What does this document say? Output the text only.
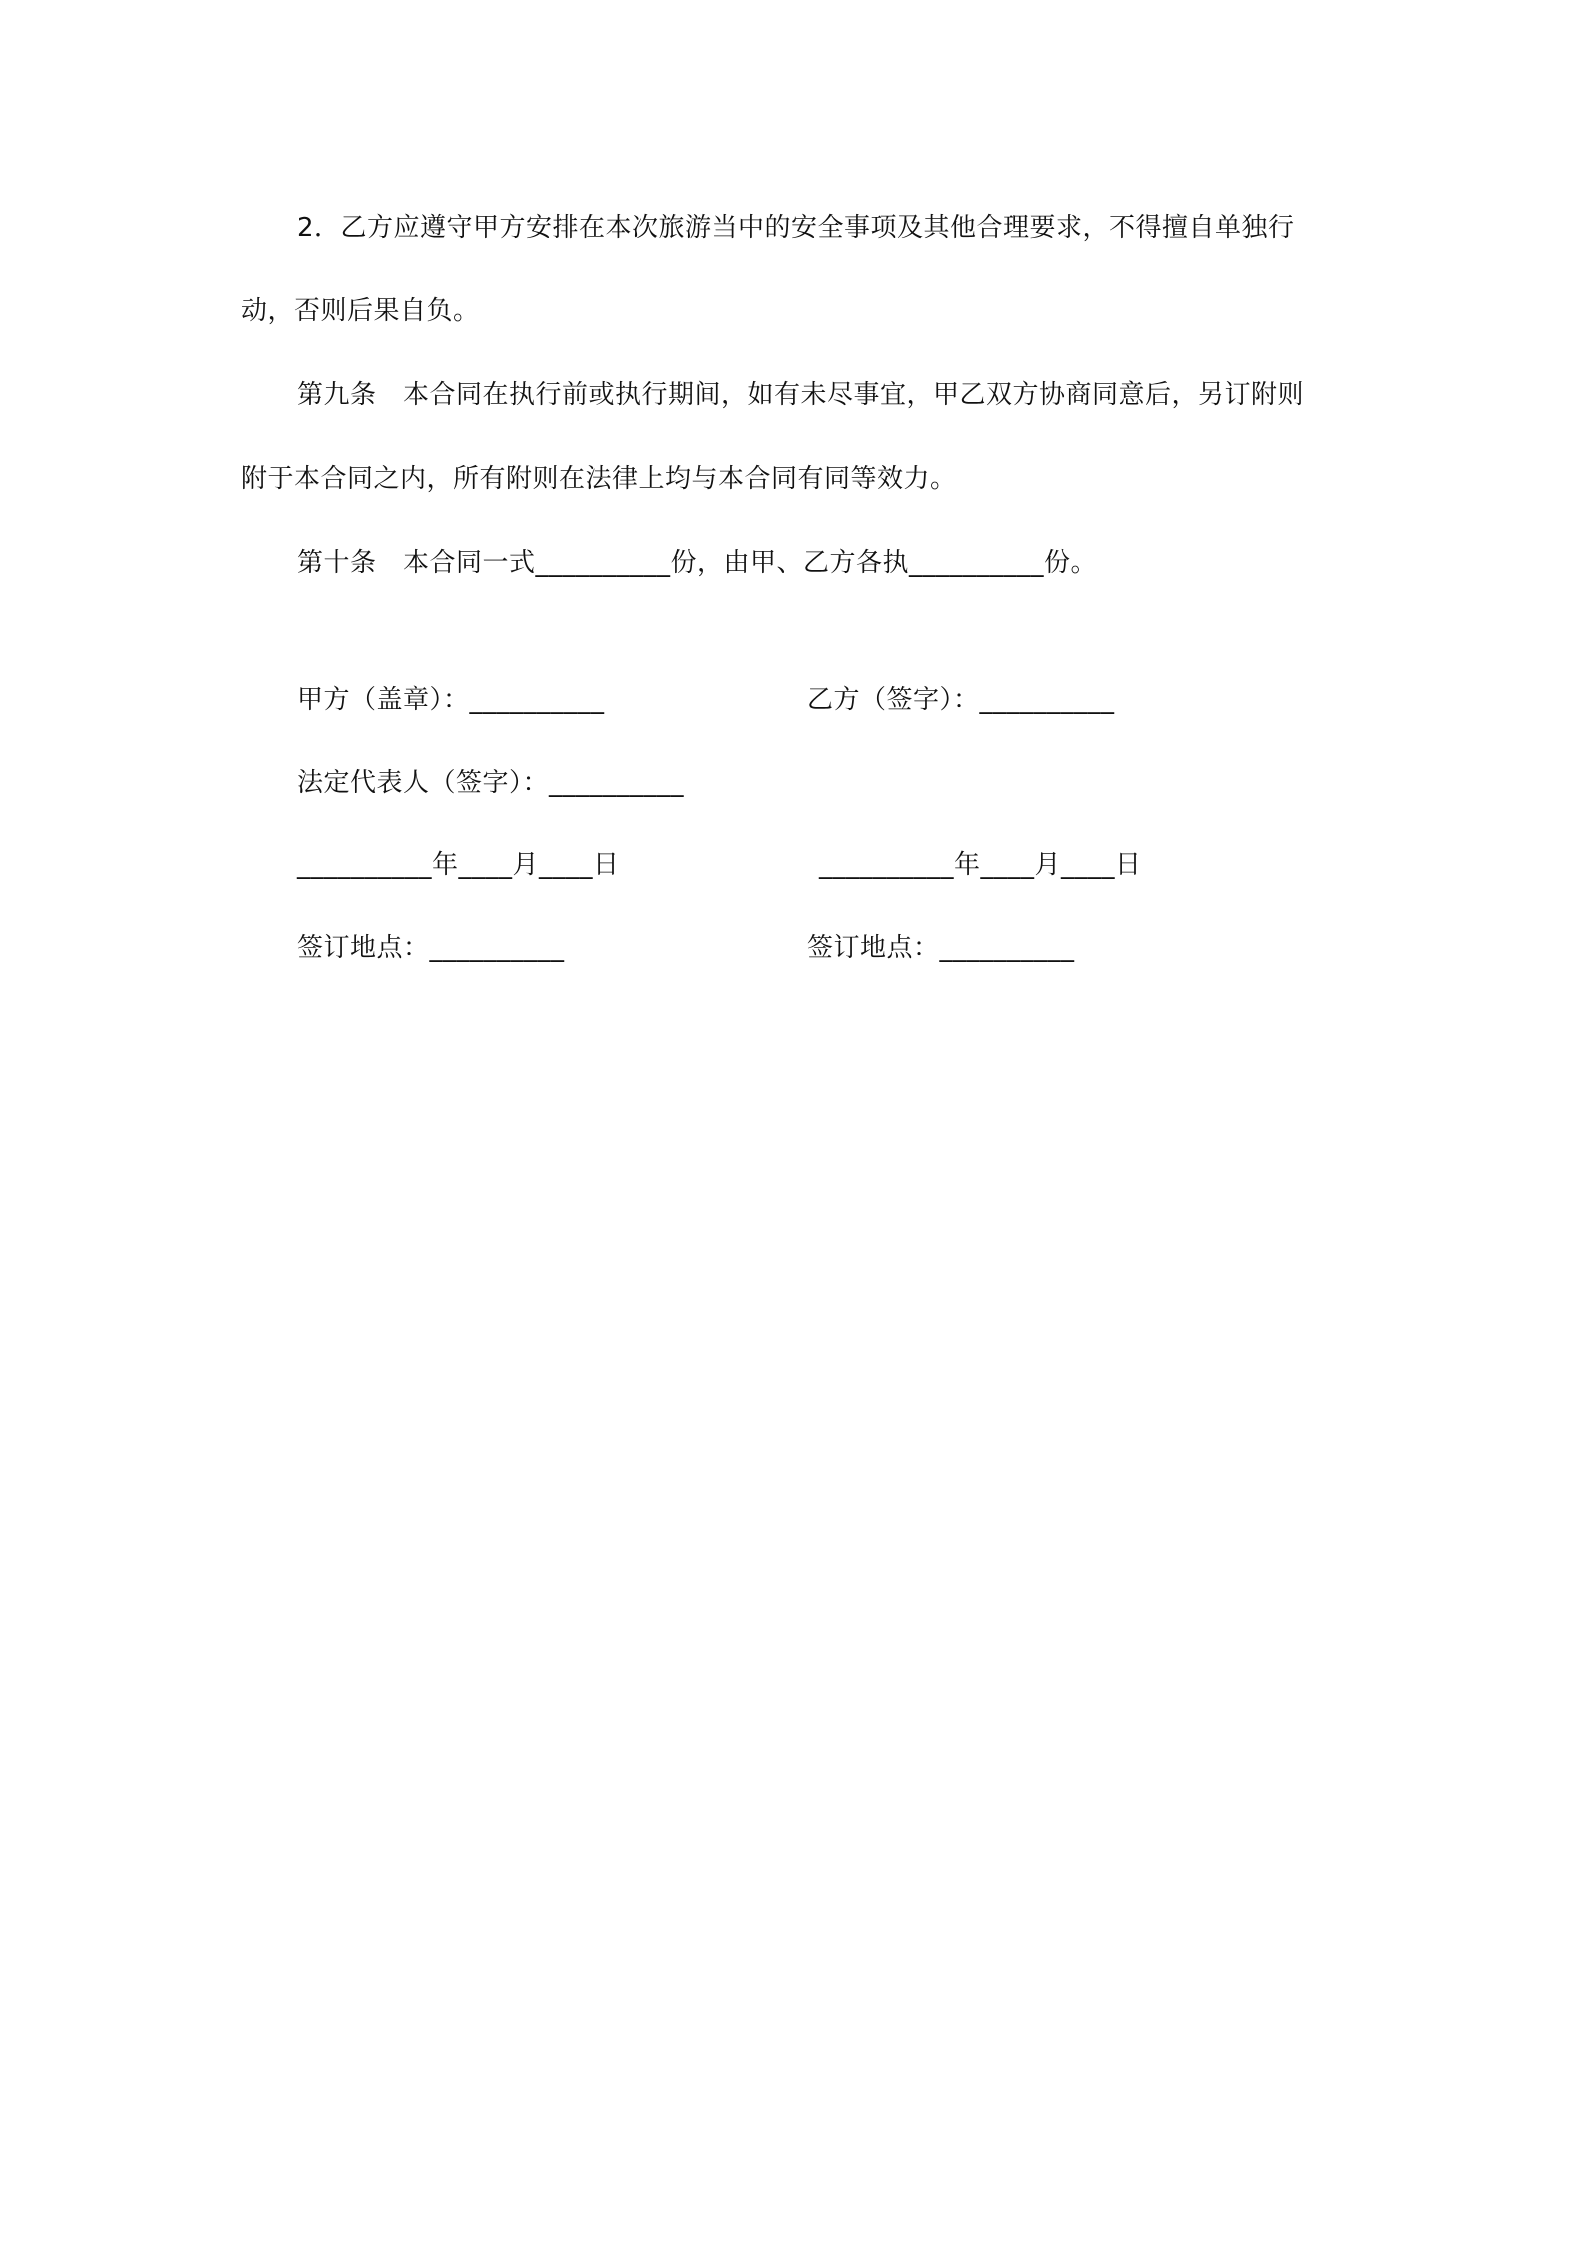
2．乙方应遵守甲方安排在本次旅游当中的安全事项及其他合理要求，不得擅自单独行
动，否则后果自负。
第九条　本合同在执行前或执行期间，如有未尽事宜，甲乙双方协商同意后，另订附则
附于本合同之内，所有附则在法律上均与本合同有同等效力。
第十条　本合同一式__________份，由甲、乙方各执__________份。
甲方（盖章）：__________	乙方（签字）：__________
法定代表人（签字）：__________
__________年____月____日	__________年____月____日
签订地点：__________	签订地点：__________
